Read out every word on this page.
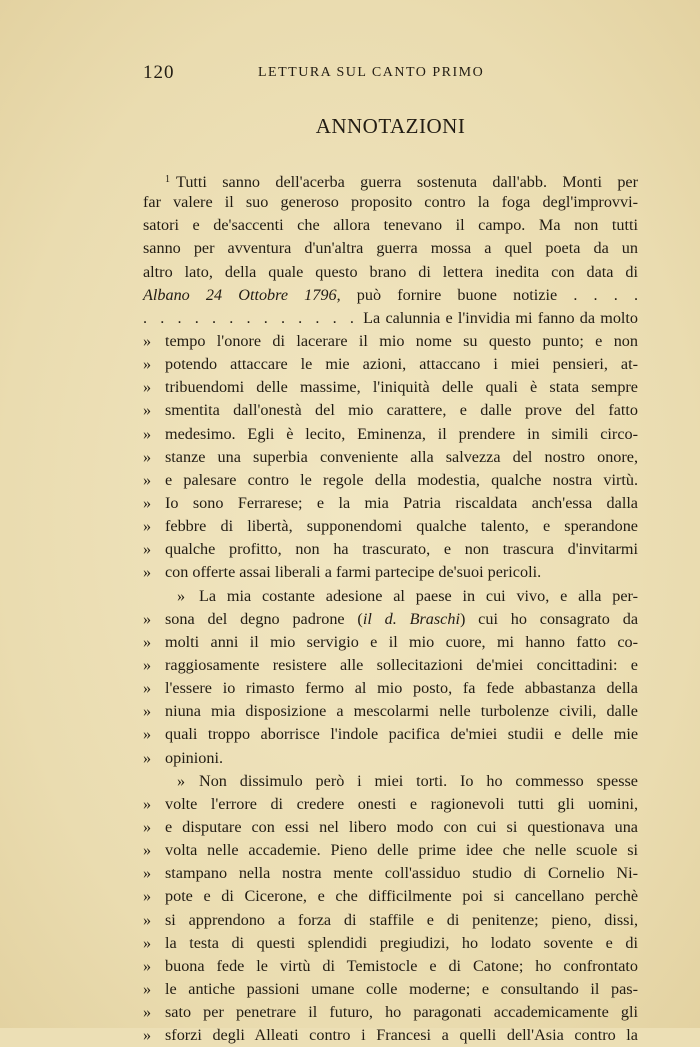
120	LETTURA SUL CANTO PRIMO
ANNOTAZIONI
$^1$ Tutti sanno dell'acerba guerra sostenuta dall'abb. Monti per
far valere il suo generoso proposito contro la foga degl'improvvi-
satori e de'saccenti che allora tenevano il campo. Ma non tutti
sanno per avventura d'un'altra guerra mossa a quel poeta da un
altro lato, della quale questo brano di lettera inedita con data di
Albano 24 Ottobre 1796, può fornire buone notizie . . . .
. . . . . . . . . . . . . La calunnia e l'invidia mi fanno da molto
» tempo l'onore di lacerare il mio nome su questo punto; e non
» potendo attaccare le mie azioni, attaccano i miei pensieri, at-
» tribuendomi delle massime, l'iniquità delle quali è stata sempre
» smentita dall'onestà del mio carattere, e dalle prove del fatto
» medesimo. Egli è lecito, Eminenza, il prendere in simili circo-
» stanze una superbia conveniente alla salvezza del nostro onore,
» e palesare contro le regole della modestia, qualche nostra virtù.
» Io sono Ferrarese; e la mia Patria riscaldata anch'essa dalla
» febbre di libertà, supponendomi qualche talento, e sperandone
» qualche profitto, non ha trascurato, e non trascura d'invitarmi
» con offerte assai liberali a farmi partecipe de'suoi pericoli.
» La mia costante adesione al paese in cui vivo, e alla per-
» sona del degno padrone (il d. Braschi) cui ho consagrato da
» molti anni il mio servigio e il mio cuore, mi hanno fatto co-
» raggiosamente resistere alle sollecitazioni de'miei concittadini: e
» l'essere io rimasto fermo al mio posto, fa fede abbastanza della
» niuna mia disposizione a mescolarmi nelle turbolenze civili, dalle
» quali troppo aborrisce l'indole pacifica de'miei studii e delle mie
» opinioni.
» Non dissimulo però i miei torti. Io ho commesso spesse
» volte l'errore di credere onesti e ragionevoli tutti gli uomini,
» e disputare con essi nel libero modo con cui si questionava una
» volta nelle accademie. Pieno delle prime idee che nelle scuole si
» stampano nella nostra mente coll'assiduo studio di Cornelio Ni-
» pote e di Cicerone, e che difficilmente poi si cancellano perchè
» si apprendono a forza di staffile e di penitenze; pieno, dissi,
» la testa di questi splendidi pregiudizi, ho lodato sovente e di
» buona fede le virtù di Temistocle e di Catone; ho confrontato
» le antiche passioni umane colle moderne; e consultando il pas-
» sato per penetrare il futuro, ho paragonati accademicamente gli
» sforzi degli Alleati contro i Francesi a quelli dell'Asia contro la
